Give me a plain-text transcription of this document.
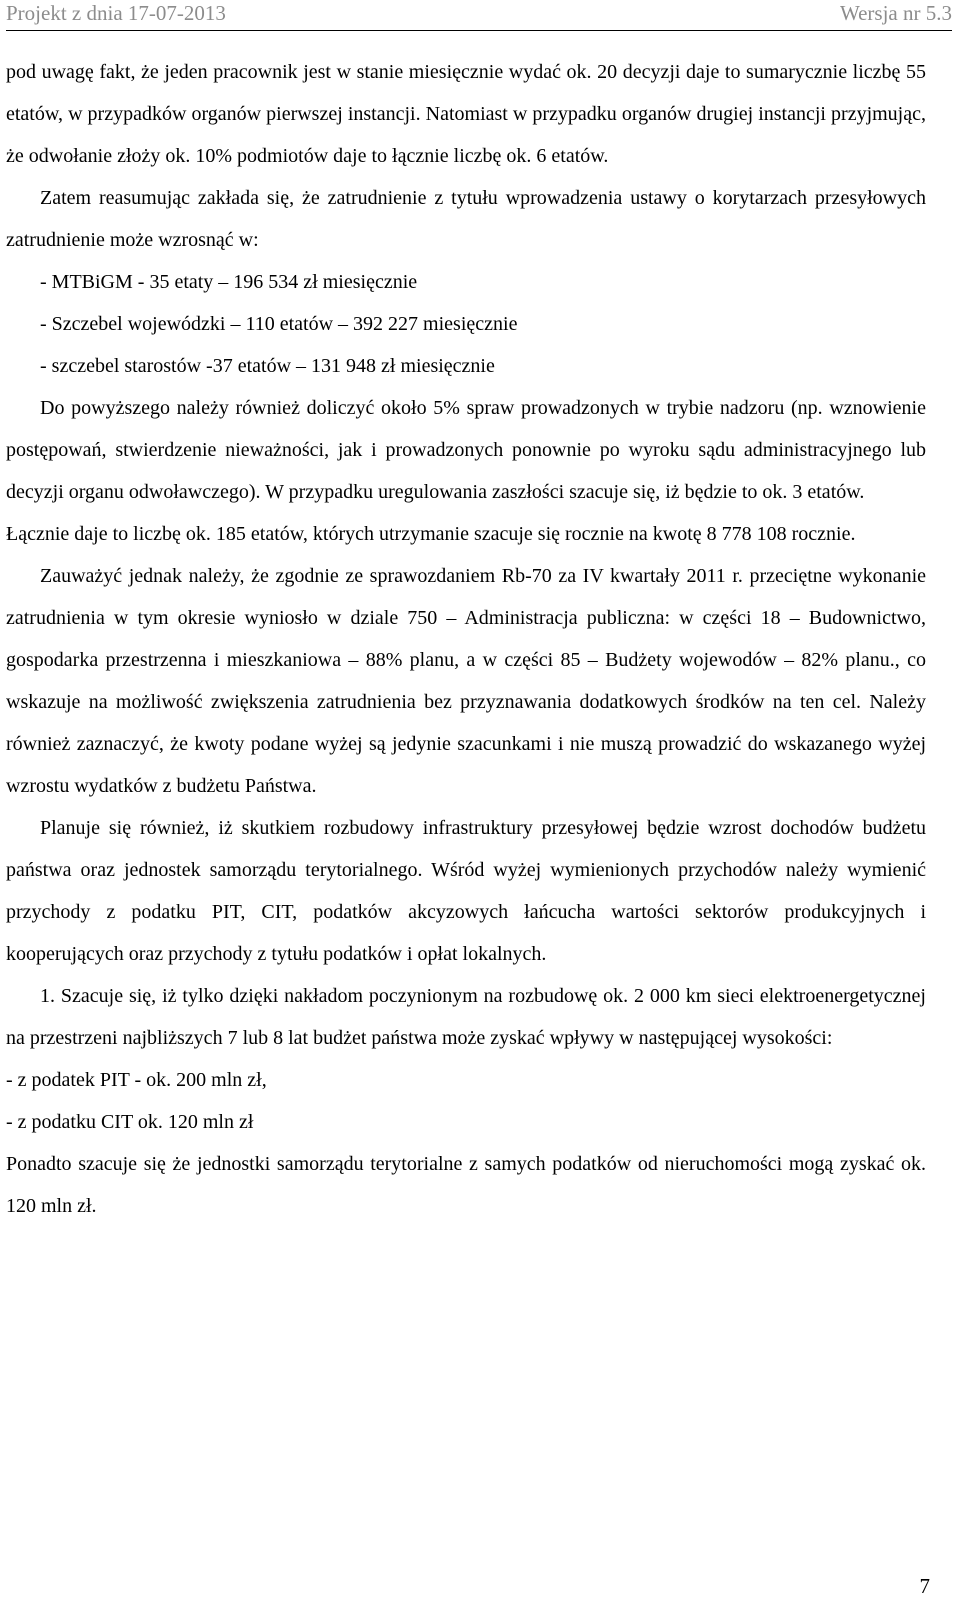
Projekt z dnia 17-07-2013	Wersja nr 5.3

pod uwagę fakt, że jeden pracownik jest w stanie miesięcznie wydać ok. 20 decyzji daje to sumarycznie liczbę 55 etatów, w przypadków organów pierwszej instancji. Natomiast w przypadku organów drugiej instancji przyjmując, że odwołanie złoży ok. 10% podmiotów daje to łącznie liczbę ok. 6 etatów.

Zatem reasumując zakłada się, że zatrudnienie z tytułu wprowadzenia ustawy o korytarzach przesyłowych zatrudnienie może wzrosnąć w:

- MTBiGM - 35 etaty – 196 534 zł miesięcznie

- Szczebel wojewódzki – 110 etatów – 392 227 miesięcznie

- szczebel starostów -37 etatów – 131 948 zł miesięcznie

Do powyższego należy również doliczyć około 5% spraw prowadzonych w trybie nadzoru (np. wznowienie postępowań, stwierdzenie nieważności, jak i prowadzonych ponownie po wyroku sądu administracyjnego lub decyzji organu odwoławczego). W przypadku uregulowania zaszłości szacuje się, iż będzie to ok. 3 etatów.

Łącznie daje to liczbę ok. 185 etatów, których utrzymanie szacuje się rocznie na kwotę 8 778 108 rocznie.

Zauważyć jednak należy, że zgodnie ze sprawozdaniem Rb-70 za IV kwartały 2011 r. przeciętne wykonanie zatrudnienia w tym okresie wyniosło w dziale 750 – Administracja publiczna: w części 18 – Budownictwo, gospodarka przestrzenna i mieszkaniowa – 88% planu, a w części 85 – Budżety wojewodów – 82% planu., co wskazuje na możliwość zwiększenia zatrudnienia bez przyznawania dodatkowych środków na ten cel. Należy również zaznaczyć, że kwoty podane wyżej są jedynie szacunkami i nie muszą prowadzić do wskazanego wyżej wzrostu wydatków z budżetu Państwa.

Planuje się również, iż skutkiem rozbudowy infrastruktury przesyłowej będzie wzrost dochodów budżetu państwa oraz jednostek samorządu terytorialnego. Wśród wyżej wymienionych przychodów należy wymienić przychody z podatku PIT, CIT, podatków akcyzowych łańcucha wartości sektorów produkcyjnych i kooperujących oraz przychody z tytułu podatków i opłat lokalnych.

1. Szacuje się, iż tylko dzięki nakładom poczynionym na rozbudowę ok. 2 000 km sieci elektroenergetycznej na przestrzeni najbliższych 7 lub 8 lat budżet państwa może zyskać wpływy w następującej wysokości:

- z podatek PIT - ok. 200 mln zł,

- z podatku CIT ok. 120 mln zł

Ponadto szacuje się że jednostki samorządu terytorialne z samych podatków od nieruchomości mogą zyskać ok. 120 mln zł.

7
